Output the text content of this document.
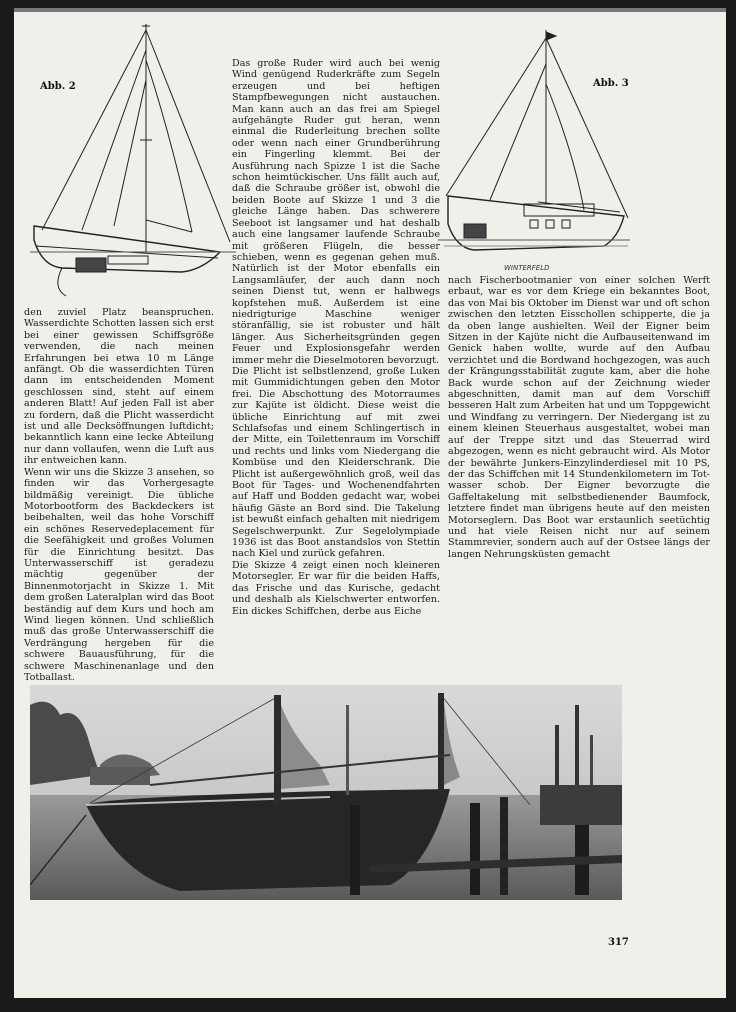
Abb. 2
WINTERFELD
Abb. 3

den zuviel Platz beanspruchen. Wasserdichte Schotten lassen sich erst bei einer gewissen Schiffsgröße verwenden, die nach meinen Erfahrungen bei etwa 10 m Länge anfängt. Ob die wasserdichten Türen dann im entscheidenden Moment geschlossen sind, steht auf einem anderen Blatt! Auf jeden Fall ist aber zu fordern, daß die Plicht wasserdicht ist und alle Decksöffnungen luftdicht; bekanntlich kann eine lecke Abteilung nur dann vollaufen, wenn die Luft aus ihr entweichen kann.

Wenn wir uns die Skizze 3 ansehen, so finden wir das Vorhergesagte bildmäßig vereinigt. Die übliche Motorbootform des Backdeckers ist beibehalten, weil das hohe Vorschiff ein schönes Reservedeplacement für die Seefähigkeit und großes Volumen für die Einrichtung besitzt. Das Unterwasserschiff ist geradezu mächtig gegenüber der Binnenmotorjacht in Skizze 1. Mit dem großen Lateralplan wird das Boot beständig auf dem Kurs und hoch am Wind liegen können. Und schließlich muß das große Unterwasserschiff die Verdrängung hergeben für die schwere Bauausführung, für die schwere Maschinenanlage und den Totballast.

Das große Ruder wird auch bei wenig Wind genügend Ruderkräfte zum Segeln erzeugen und bei heftigen Stampfbewegungen nicht austauchen. Man kann auch an das frei am Spiegel aufgehängte Ruder gut heran, wenn einmal die Ruderleitung brechen sollte oder wenn nach einer Grundberührung ein Fingerling klemmt. Bei der Ausführung nach Spizze 1 ist die Sache schon heimtückischer. Uns fällt auch auf, daß die Schraube größer ist, obwohl die beiden Boote auf Skizze 1 und 3 die gleiche Länge haben. Das schwerere Seeboot ist langsamer und hat deshalb auch eine langsamer laufende Schraube mit größeren Flügeln, die besser schieben, wenn es gegenan gehen muß. Natürlich ist der Motor ebenfalls ein Langsamläufer, der auch dann noch seinen Dienst tut, wenn er halbwegs kopfstehen muß. Außerdem ist eine niedrigturige Maschine weniger störanfällig, sie ist robuster und hält länger. Aus Sicherheitsgründen gegen Feuer und Explosionsgefahr werden immer mehr die Dieselmotoren bevorzugt.

Die Plicht ist selbstlenzend, große Luken mit Gummidichtungen geben den Motor frei. Die Abschottung des Motorraumes zur Kajüte ist öldicht. Diese weist die übliche Einrichtung auf mit zwei Schlafsofas und einem Schlingertisch in der Mitte, ein Toilettenraum im Vorschiff und rechts und links vom Niedergang die Kombüse und den Kleiderschrank. Die Plicht ist außergewöhnlich groß, weil das Boot für Tages- und Wochenendfahrten auf Haff und Bodden gedacht war, wobei häufig Gäste an Bord sind. Die Takelung ist bewußt einfach gehalten mit niedrigem Segelschwerpunkt. Zur Segelolympiade 1936 ist das Boot anstandslos von Stettin nach Kiel und zurück gefahren.

Die Skizze 4 zeigt einen noch kleineren Motorsegler. Er war für die beiden Haffs, das Frische und das Kurische, gedacht und deshalb als Kielschwerter entworfen. Ein dickes Schiffchen, derbe aus Eiche

nach Fischerbootmanier von einer solchen Werft erbaut, war es vor dem Kriege ein bekanntes Boot, das von Mai bis Oktober im Dienst war und oft schon zwischen den letzten Eisschollen schipperte, die ja da oben lange aushielten. Weil der Eigner beim Sitzen in der Kajüte nicht die Aufbauseitenwand im Genick haben wollte, wurde auf den Aufbau verzichtet und die Bordwand hochgezogen, was auch der Krängungsstabilität zugute kam, aber die hohe Back wurde schon auf der Zeichnung wieder abgeschnitten, damit man auf dem Vorschiff besseren Halt zum Arbeiten hat und um Toppgewicht und Windfang zu verringern. Der Niedergang ist zu einem kleinen Steuerhaus ausgestaltet, wobei man auf der Treppe sitzt und das Steuerrad wird abgezogen, wenn es nicht gebraucht wird. Als Motor der bewährte Junkers-Einzylinderdiesel mit 10 PS, der das Schiffchen mit 14 Stundenkilometern im Totwasser schob. Der Eigner bevorzugte die Gaffeltakelung mit selbstbedienender Baumfock, letztere findet man übrigens heute auf den meisten Motorseglern. Das Boot war erstaunlich seetüchtig und hat viele Reisen nicht nur auf seinem Stammrevier, sondern auch auf der Ostsee längs der langen Nehrungsküsten gemacht

317
